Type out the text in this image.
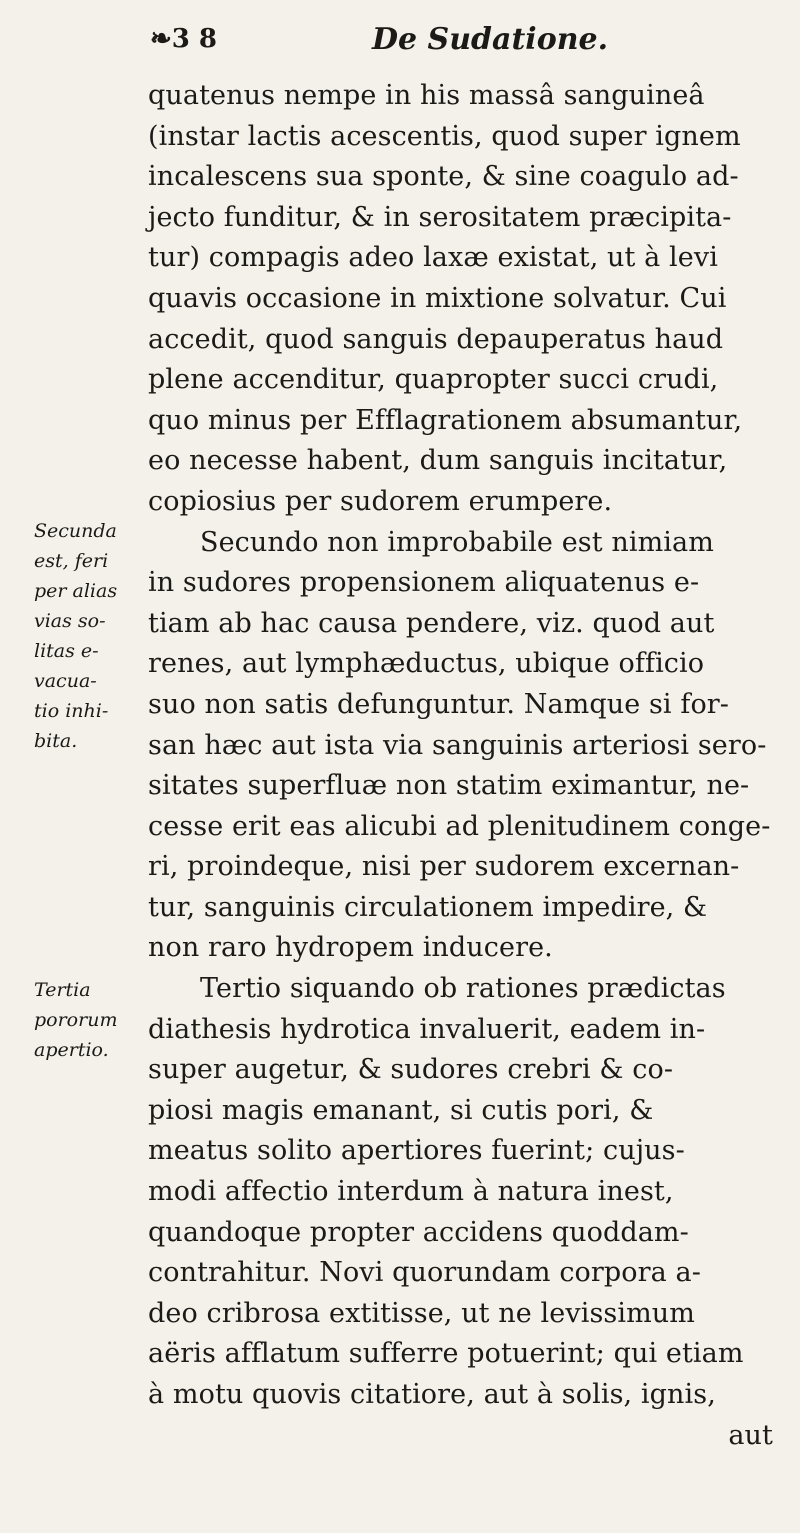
❧3 8	De Sudatione.
quatenus nempe in his massâ sanguineâ
(instar lactis acescentis, quod super ignem
incalescens sua sponte, & sine coagulo ad-
jecto funditur, & in serositatem præcipita-
tur) compagis adeo laxæ existat, ut à levi
quavis occasione in mixtione solvatur. Cui
accedit, quod sanguis depauperatus haud
plene accenditur, quapropter succi crudi,
quo minus per Efflagrationem absumantur,
eo necesse habent, dum sanguis incitatur,
copiosius per sudorem erumpere.
Secundo non improbabile est nimiam
in sudores propensionem aliquatenus e-
tiam ab hac causa pendere, viz. quod aut
renes, aut lymphæductus, ubique officio
suo non satis defunguntur. Namque si for-
san hæc aut ista via sanguinis arteriosi sero-
sitates superfluæ non statim eximantur, ne-
cesse erit eas alicubi ad plenitudinem conge-
ri, proindeque, nisi per sudorem excernan-
tur, sanguinis circulationem impedire, &
non raro hydropem inducere.
Tertio siquando ob rationes prædictas
diathesis hydrotica invaluerit, eadem in-
super augetur, & sudores crebri & co-
piosi magis emanant, si cutis pori, &
meatus solito apertiores fuerint; cujus-
modi affectio interdum à natura inest,
quandoque propter accidens quoddam-
contrahitur. Novi quorundam corpora a-
deo cribrosa extitisse, ut ne levissimum
aëris afflatum sufferre potuerint; qui etiam
à motu quovis citatiore, aut à solis, ignis,
aut
Secunda
est, feri
per alias
vias so-
litas e-
vacua-
tio inhi-
bita.
Tertia
pororum
apertio.
